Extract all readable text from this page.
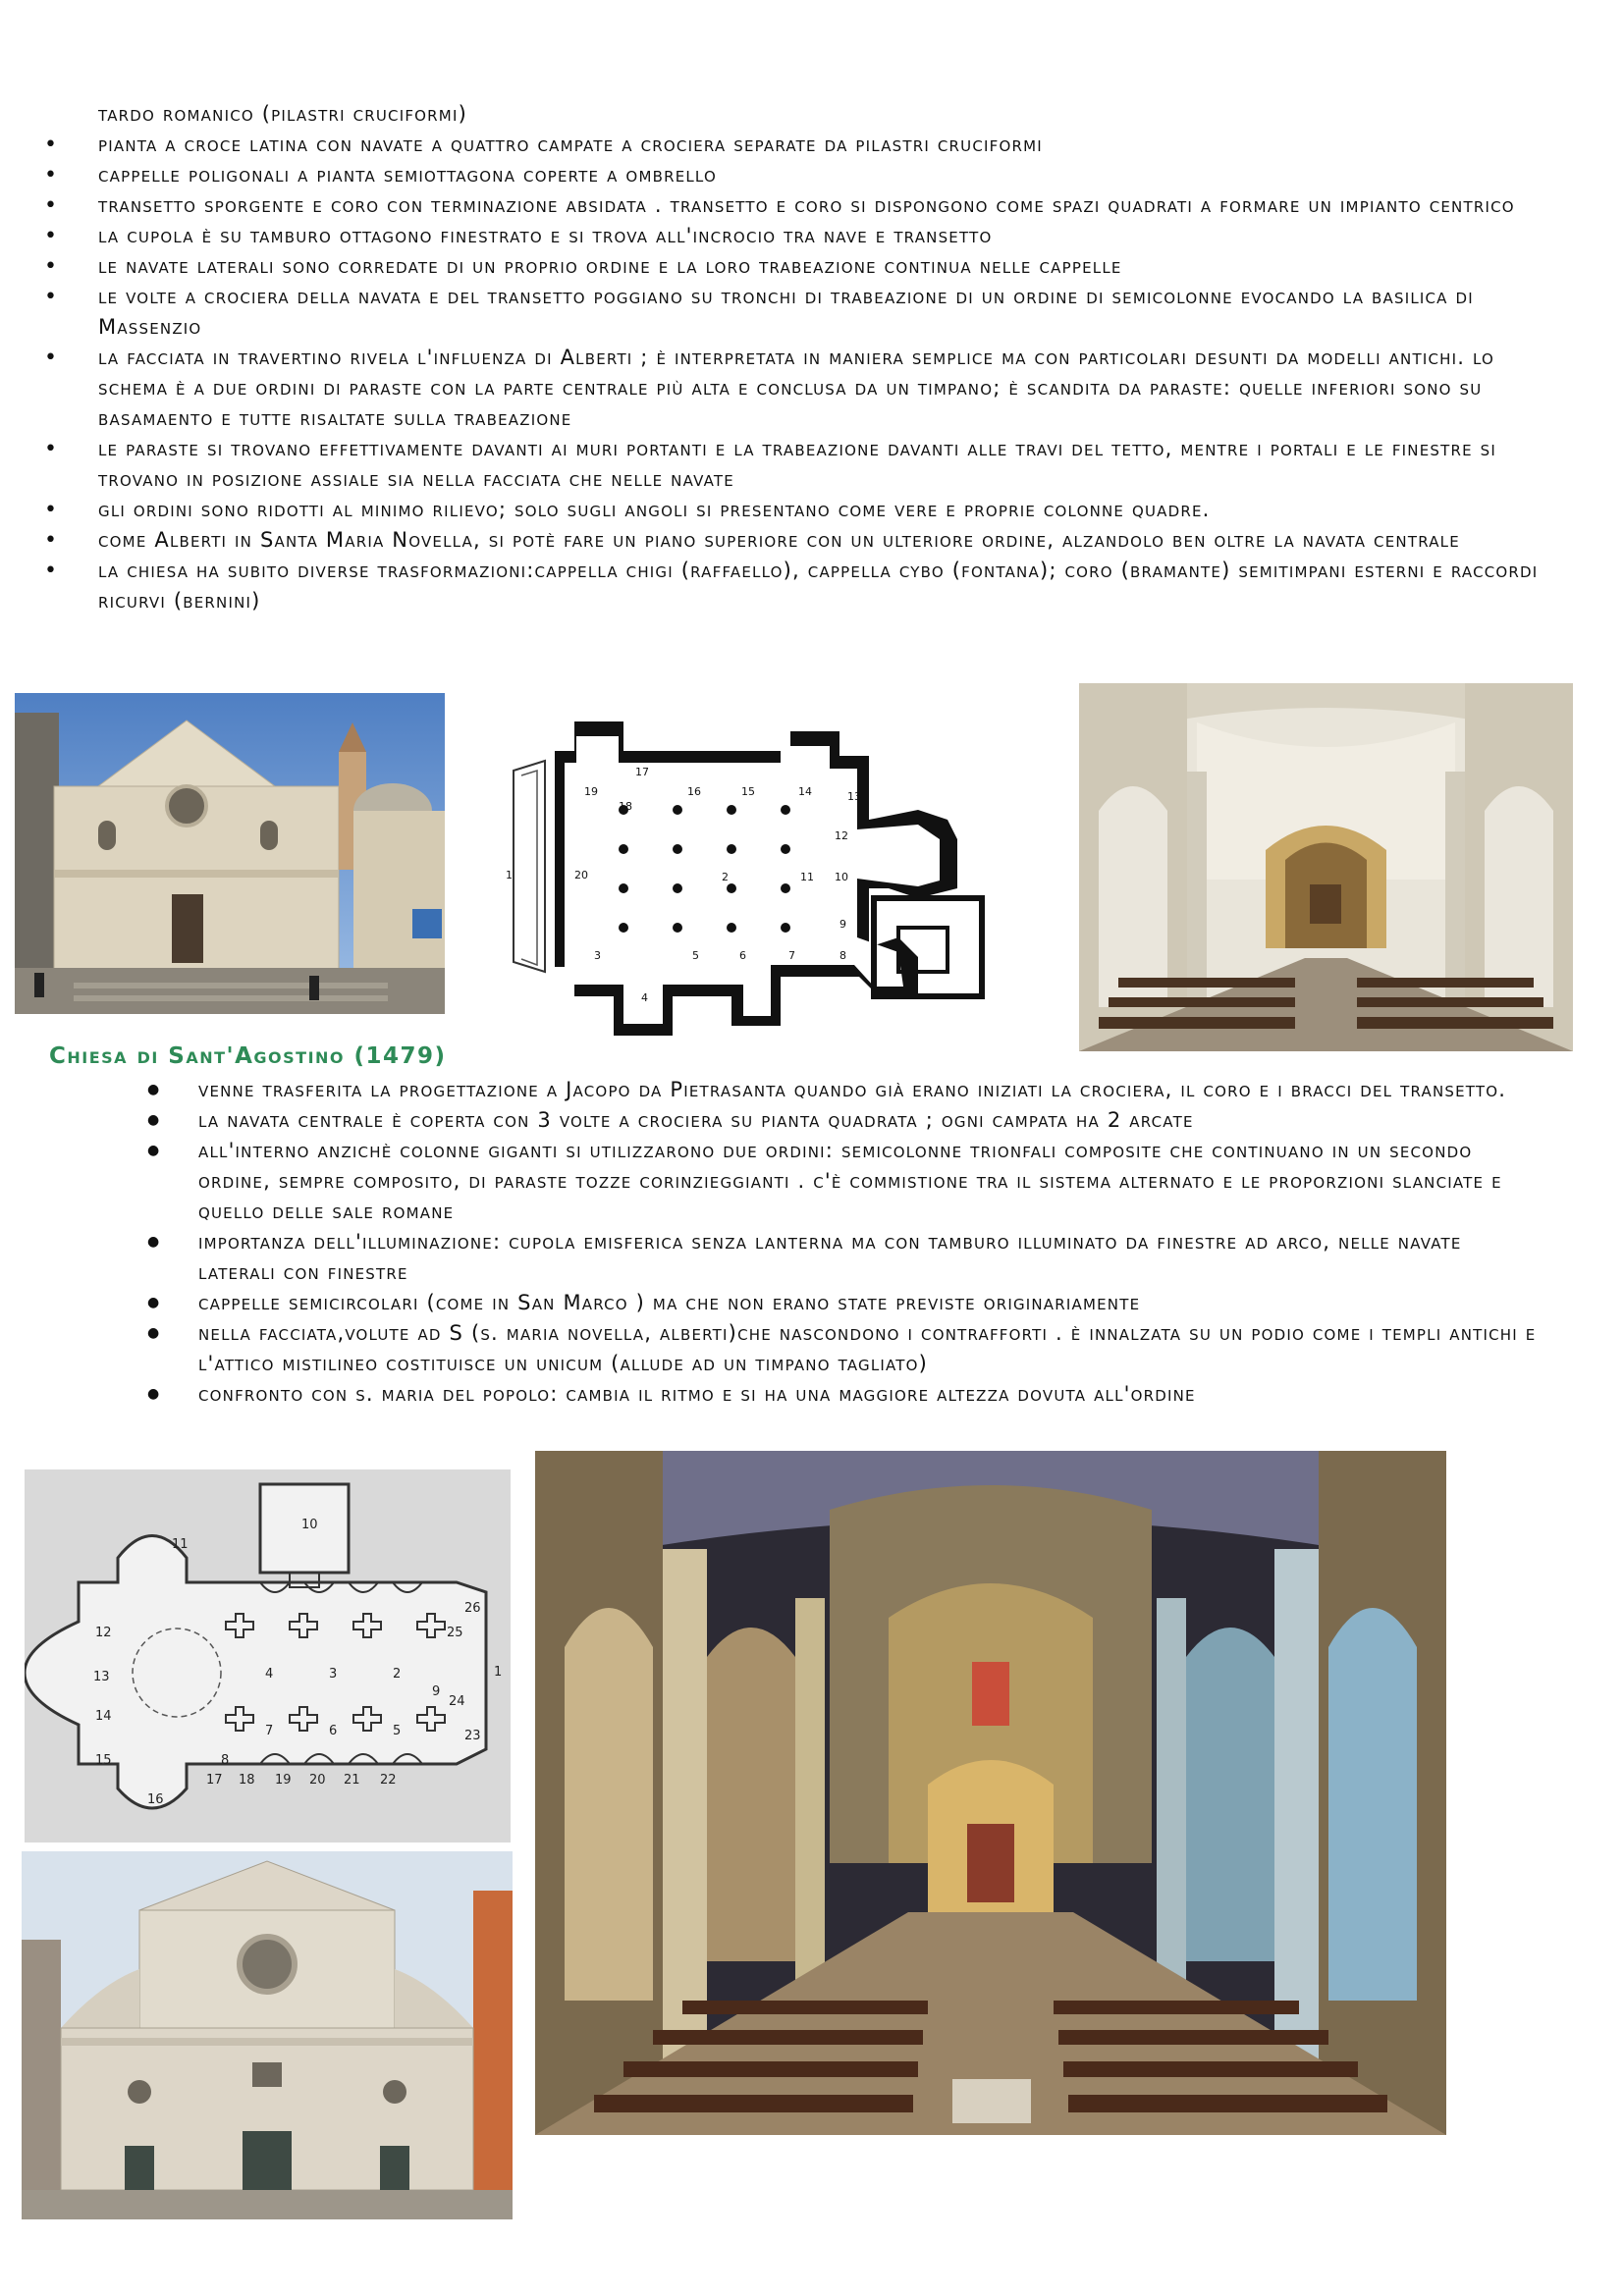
tardo romanico (pilastri cruciformi)
• pianta a croce latina con navate a quattro campate a crociera separate da pilastri cruciformi
• cappelle poligonali a pianta semiottagona coperte a ombrello
• transetto sporgente e coro con terminazione absidata . transetto e coro si dispongono come spazi quadrati a formare un impianto centrico
• la cupola è su tamburo ottagono finestrato e si trova all'incrocio tra nave e transetto
• le navate laterali sono corredate di un proprio ordine e la loro trabeazione continua nelle cappelle
• le volte a crociera della navata e del transetto poggiano su tronchi di trabeazione di un ordine di semicolonne evocando la basilica di Massenzio
• la facciata in travertino rivela l'influenza di Alberti ; è interpretata in maniera semplice ma con particolari desunti da modelli antichi. lo schema è a due ordini di paraste con la parte centrale più alta e conclusa da un timpano; è scandita da paraste: quelle inferiori sono su basamaento e tutte risaltate sulla trabeazione
• le paraste si trovano effettivamente davanti ai muri portanti e la trabeazione davanti alle travi del tetto, mentre i portali e le finestre si trovano in posizione assiale sia nella facciata che nelle navate
• gli ordini sono ridotti al minimo rilievo; solo sugli angoli si presentano come vere e proprie colonne quadre.
• come Alberti in Santa Maria Novella, si potè fare un piano superiore con un ulteriore ordine, alzandolo ben oltre la navata centrale
• la chiesa ha subito diverse trasformazioni:cappella chigi (raffaello), cappella cybo (fontana); coro (bramante) semitimpani esterni e raccordi ricurvi (bernini)
1	2
3
4
5	6	7	8
9
10
11
12
13
14
15
16
17
18
19
20
Chiesa di Sant'Agostino (1479)
● venne trasferita la progettazione a Jacopo da Pietrasanta quando già erano iniziati la crociera, il coro e i bracci del transetto.
● la navata centrale è coperta con 3 volte a crociera su pianta quadrata ; ogni campata ha 2 arcate
● all'interno anzichè colonne giganti si utilizzarono due ordini: semicolonne trionfali composite che continuano in un secondo ordine, sempre composito, di paraste tozze corinzieggianti . c'è commistione tra il sistema alternato e le proporzioni slanciate e quello delle sale romane
● importanza dell'illuminazione: cupola emisferica senza lanterna ma con tamburo illuminato da finestre ad arco, nelle navate laterali con finestre
● cappelle semicircolari (come in San Marco ) ma che non erano state previste originariamente
● nella facciata,volute ad S (s. maria novella, alberti)che nascondono i contrafforti . è innalzata su un podio come i templi antichi e l'attico mistilineo costituisce un unicum (allude ad un timpano tagliato)
● confronto con s. maria del popolo: cambia il ritmo e si ha una maggiore altezza dovuta all'ordine
1
2
3
4
5
6
7
8
9
10
11
12
13
14
15
16
17 18 19 20 21 22
23
24
25
26
